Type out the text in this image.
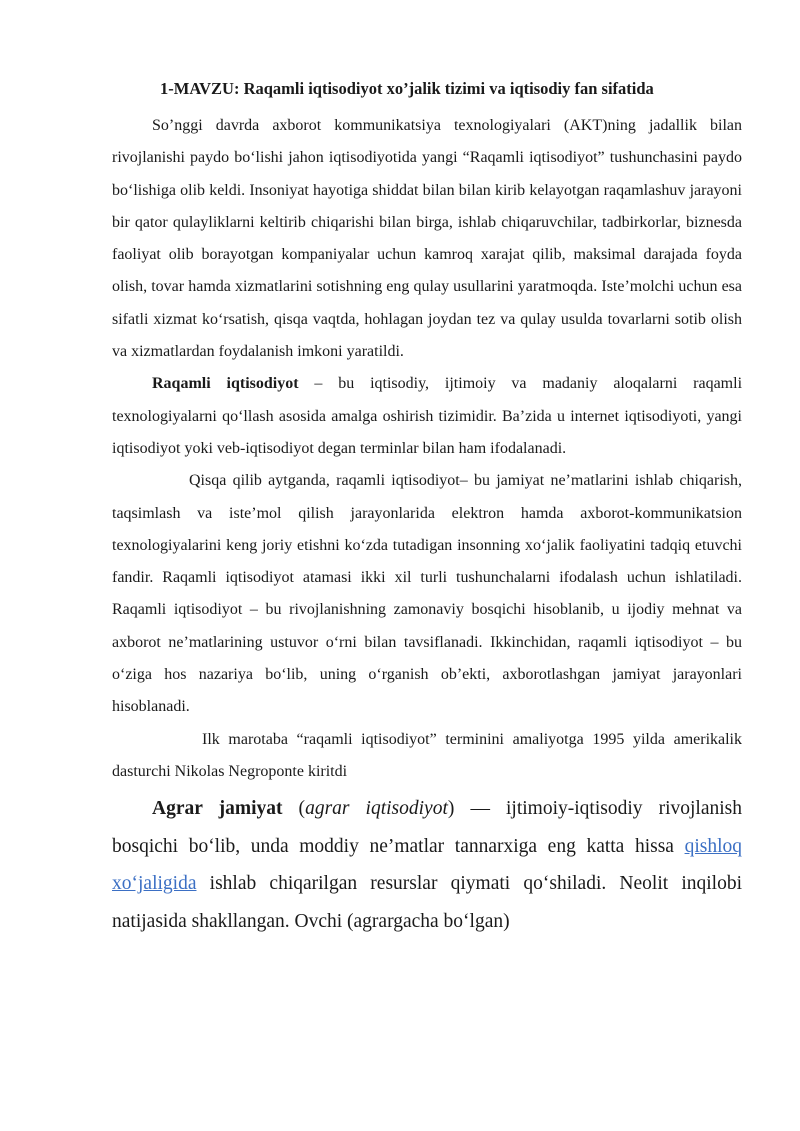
1-MAVZU: Raqamli iqtisodiyot xo’jalik tizimi va iqtisodiy fan sifatida

So’nggi davrda axborot kommunikatsiya texnologiyalari (AKT)ning jadallik bilan rivojlanishi paydo bo‘lishi jahon iqtisodiyotida yangi “Raqamli iqtisodiyot” tushunchasini paydo bo‘lishiga olib keldi. Insoniyat hayotiga shiddat bilan bilan kirib kelayotgan raqamlashuv jarayoni bir qator qulayliklarni keltirib chiqarishi bilan birga, ishlab chiqaruvchilar, tadbirkorlar, biznesda faoliyat olib borayotgan kompaniyalar uchun kamroq xarajat qilib, maksimal darajada foyda olish, tovar hamda xizmatlarini sotishning eng qulay usullarini yaratmoqda. Iste’molchi uchun esa sifatli xizmat ko‘rsatish, qisqa vaqtda, hohlagan joydan tez va qulay usulda tovarlarni sotib olish va xizmatlardan foydalanish imkoni yaratildi.

Raqamli iqtisodiyot – bu iqtisodiy, ijtimoiy va madaniy aloqalarni raqamli texnologiyalarni qo‘llash asosida amalga oshirish tizimidir. Ba’zida u internet iqtisodiyoti, yangi iqtisodiyot yoki veb-iqtisodiyot degan terminlar bilan ham ifodalanadi.

Qisqa qilib aytganda, raqamli iqtisodiyot– bu jamiyat ne’matlarini ishlab chiqarish, taqsimlash va iste’mol qilish jarayonlarida elektron hamda axborot-kommunikatsion texnologiyalarini keng joriy etishni ko‘zda tutadigan insonning xo‘jalik faoliyatini tadqiq etuvchi fandir. Raqamli iqtisodiyot atamasi ikki xil turli tushunchalarni ifodalash uchun ishlatiladi. Raqamli iqtisodiyot – bu rivojlanishning zamonaviy bosqichi hisoblanib, u ijodiy mehnat va axborot ne’matlarining ustuvor o‘rni bilan tavsiflanadi. Ikkinchidan, raqamli iqtisodiyot – bu o‘ziga hos nazariya bo‘lib, uning o‘rganish ob’ekti, axborotlashgan jamiyat jarayonlari hisoblanadi.

Ilk marotaba “raqamli iqtisodiyot” terminini amaliyotga 1995 yilda amerikalik dasturchi Nikolas Negroponte kiritdi

Agrar jamiyat (agrar iqtisodiyot) — ijtimoiy-iqtisodiy rivojlanish bosqichi bo‘lib, unda moddiy ne’matlar tannarxiga eng katta hissa qishloq xo‘jaligida ishlab chiqarilgan resurslar qiymati qo‘shiladi. Neolit inqilobi natijasida shakllangan. Ovchi (agrargacha bo‘lgan)
